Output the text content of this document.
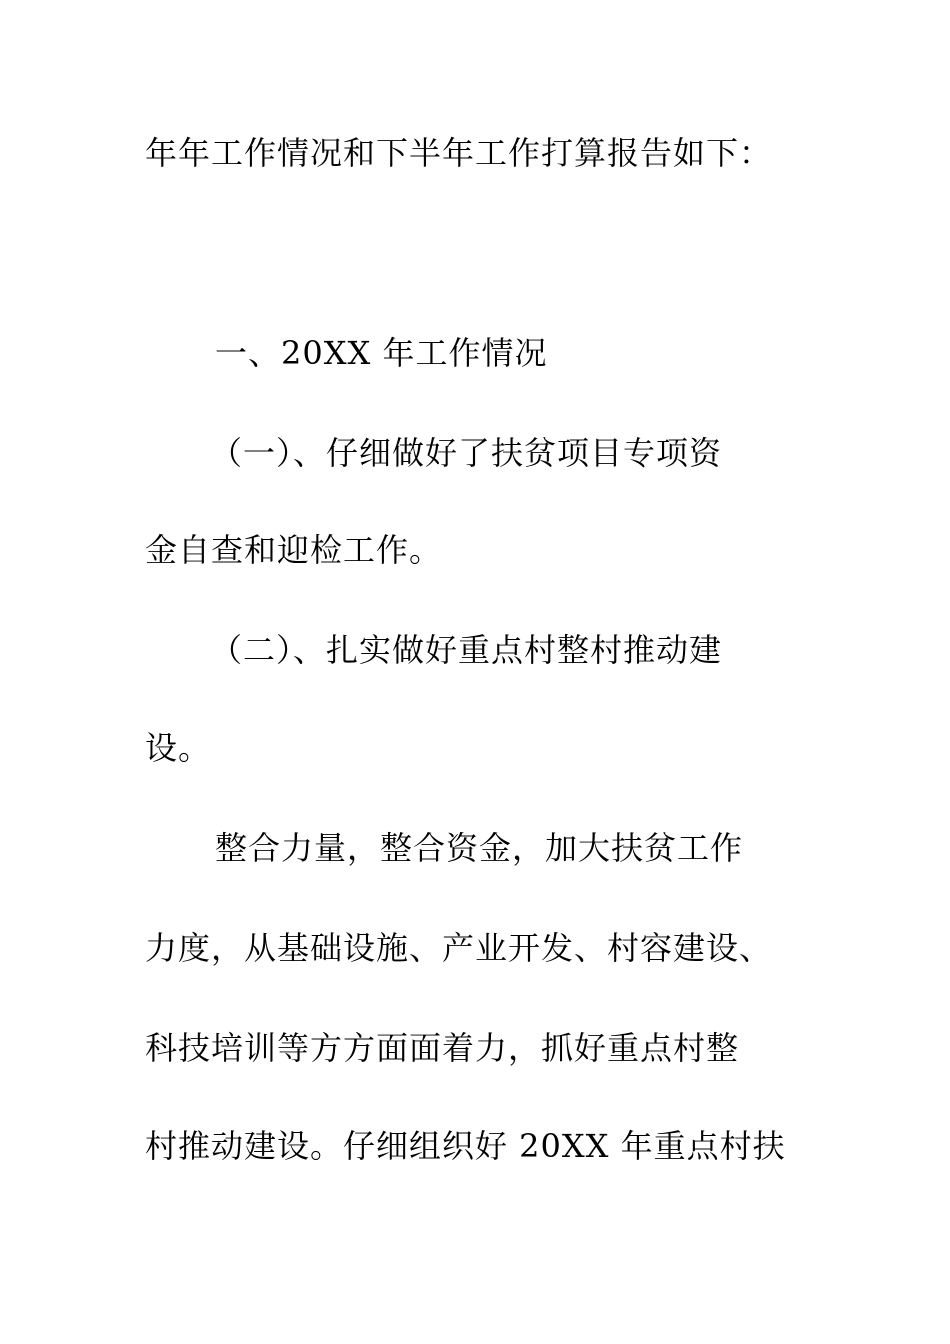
年年工作情况和下半年工作打算报告如下：
一、20XX 年工作情况
（一）、仔细做好了扶贫项目专项资
金自查和迎检工作。
（二）、扎实做好重点村整村推动建
设。
整合力量，整合资金，加大扶贫工作
力度，从基础设施、产业开发、村容建设、
科技培训等方方面面着力，抓好重点村整
村推动建设。仔细组织好 20XX 年重点村扶
